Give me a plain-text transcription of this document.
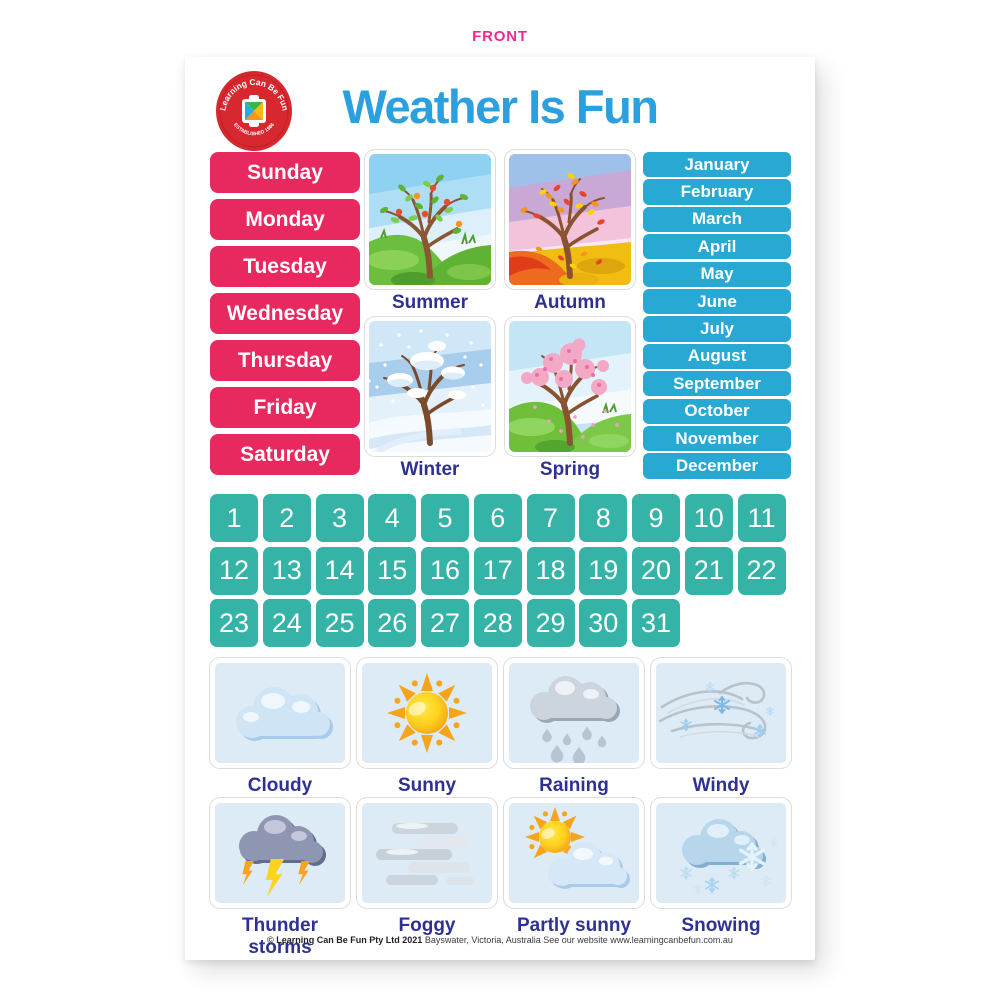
FRONT
Learning Can Be Fun
ESTABLISHED 1986	Weather Is Fun
Sunday
Monday
Tuesday
Wednesday
Thursday
Friday
Saturday
Summer	Autumn
Winter	Spring
January
February
March
April
May
June
July
August
September
October
November
December
1	2	3	4	5	6	7	8	9	10 11
12 13 14 15 16 17 18 19 20 21 22
23 24 25 26 27 28 29 30 31
Cloudy	Sunny	Raining	Windy
Thunder storms
Foggy	Partly sunny	Snowing
© Learning Can Be Fun Pty Ltd 2021 Bayswater, Victoria, Australia See our website www.learningcanbefun.com.au
